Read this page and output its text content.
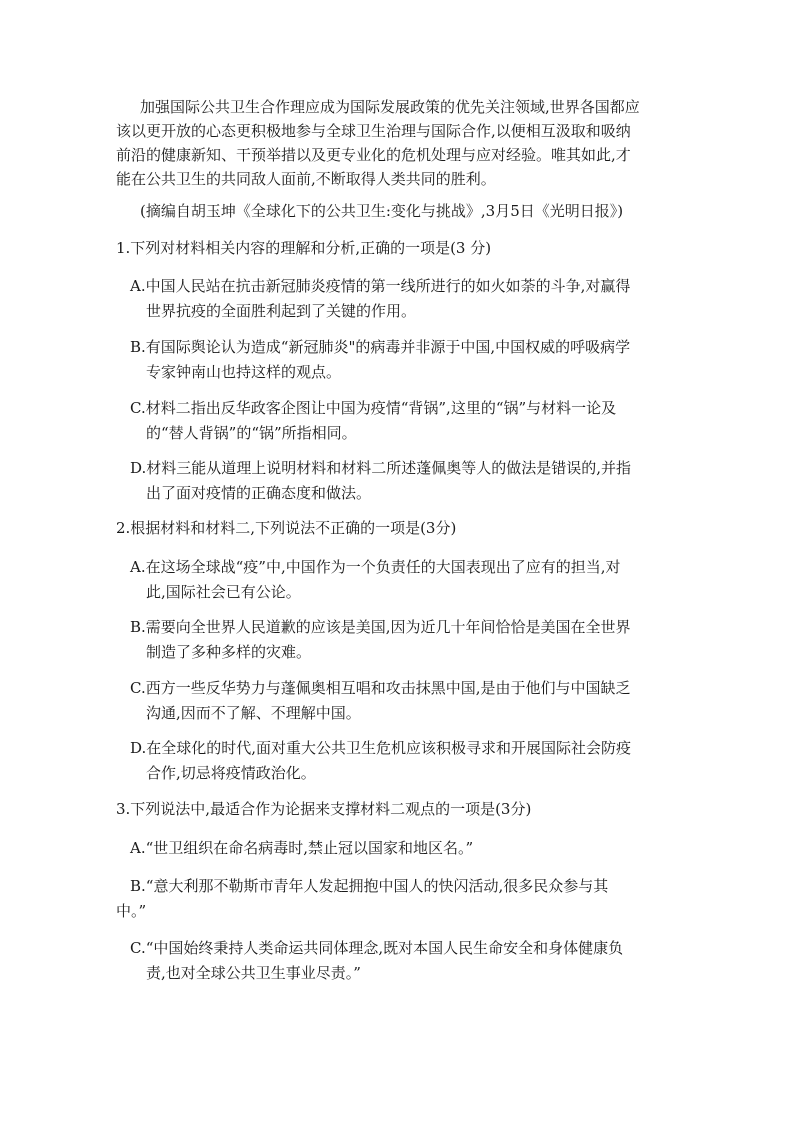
加强国际公共卫生合作理应成为国际发展政策的优先关注领域,世界各国都应
该以更开放的心态更积极地参与全球卫生治理与国际合作,以便相互汲取和吸纳
前沿的健康新知、干预举措以及更专业化的危机处理与应对经验。唯其如此,才
能在公共卫生的共同敌人面前,不断取得人类共同的胜利。
(摘编自胡玉坤《全球化下的公共卫生:变化与挑战》,3月5日《光明日报》)
1.下列对材料相关内容的理解和分析,正确的一项是(3 分)
A.中国人民站在抗击新冠肺炎疫情的第一线所进行的如火如荼的斗争,对赢得
世界抗疫的全面胜利起到了关键的作用。
B.有国际舆论认为造成“新冠肺炎"的病毒并非源于中国,中国权威的呼吸病学
专家钟南山也持这样的观点。
C.材料二指出反华政客企图让中国为疫情“背锅”,这里的“锅”与材料一论及
的“替人背锅”的“锅”所指相同。
D.材料三能从道理上说明材料和材料二所述蓬佩奥等人的做法是错误的,并指
出了面对疫情的正确态度和做法。
2.根据材料和材料二,下列说法不正确的一项是(3分)
A.在这场全球战“疫”中,中国作为一个负责任的大国表现出了应有的担当,对
此,国际社会已有公论。
B.需要向全世界人民道歉的应该是美国,因为近几十年间恰恰是美国在全世界
制造了多种多样的灾难。
C.西方一些反华势力与蓬佩奥相互唱和攻击抹黑中国,是由于他们与中国缺乏
沟通,因而不了解、不理解中国。
D.在全球化的时代,面对重大公共卫生危机应该积极寻求和开展国际社会防疫
合作,切忌将疫情政治化。
3.下列说法中,最适合作为论据来支撑材料二观点的一项是(3分)
A.“世卫组织在命名病毒时,禁止冠以国家和地区名。”
B.“意大利那不勒斯市青年人发起拥抱中国人的快闪活动,很多民众参与其
中。”
C.“中国始终秉持人类命运共同体理念,既对本国人民生命安全和身体健康负
责,也对全球公共卫生事业尽责。”
